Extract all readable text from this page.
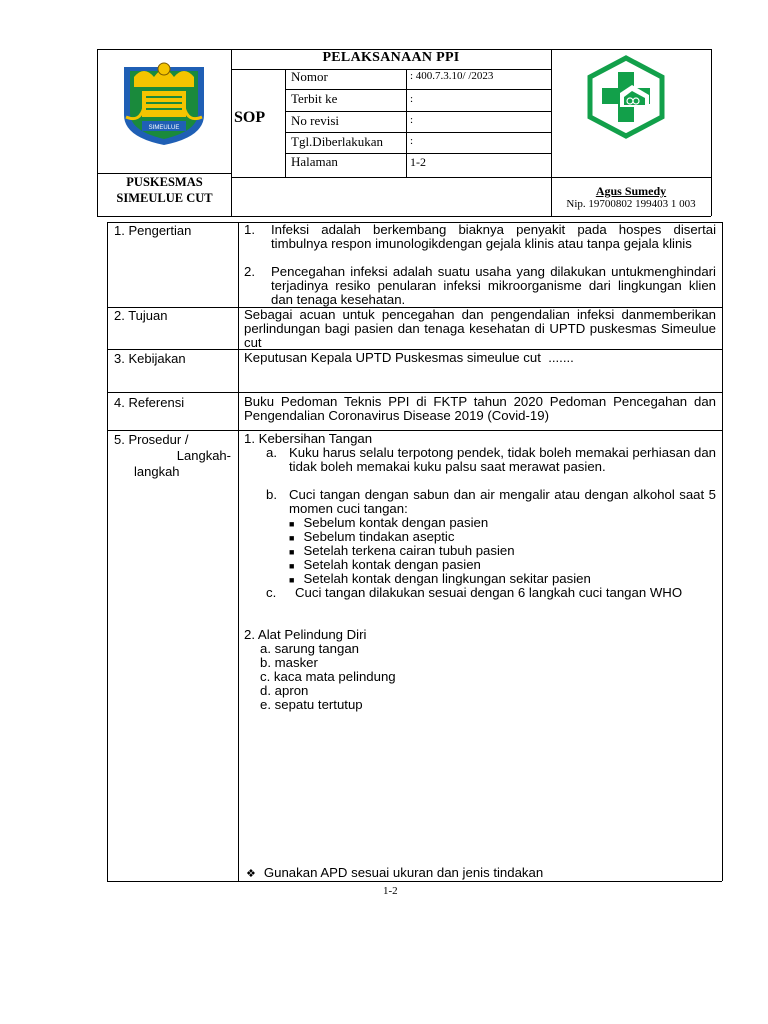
SIMEULUE
PELAKSANAAN PPI
SOP
Nomor	: 400.7.3.10/ /2023
Terbit ke	:
No revisi	:
Tgl.Diberlakukan :
Halaman	1-2
PUSKESMAS
SIMEULUE CUT	Agus Sumedy
Nip. 19700802 199403 1 003
1. Pengertian	1. Infeksi adalah berkembang biaknya penyakit pada hospes disertai timbulnya respon imunologikdengan gejala klinis atau tanpa gejala klinis
2. Pencegahan infeksi adalah suatu usaha yang dilakukan untukmenghindari terjadinya resiko penularan infeksi mikroorganisme dari lingkungan klien dan tenaga kesehatan.
2. Tujuan	Sebagai acuan untuk pencegahan dan pengendalian infeksi danmemberikan perlindungan bagi pasien dan tenaga kesehatan di UPTD puskesmas Simeulue cut
3. Kebijakan	Keputusan Kepala UPTD Puskesmas simeulue cut  .......
4. Referensi	Buku Pedoman Teknis PPI di FKTP tahun 2020 Pedoman Pencegahan dan Pengendalian Coronavirus Disease 2019 (Covid-19)
5. Prosedur /
Langkah-
langkah
1. Kebersihan Tangan
a. Kuku harus selalu terpotong pendek, tidak boleh memakai perhiasan dan tidak boleh memakai kuku palsu saat merawat pasien.
b. Cuci tangan dengan sabun dan air mengalir atau dengan alkohol saat 5 momen cuci tangan:
■ Sebelum kontak dengan pasien
■ Sebelum tindakan aseptic
■ Setelah terkena cairan tubuh pasien
■ Setelah kontak dengan pasien
■ Setelah kontak dengan lingkungan sekitar pasien
c.	Cuci tangan dilakukan sesuai dengan 6 langkah cuci tangan WHO
2. Alat Pelindung Diri
a. sarung tangan
b. masker
c. kaca mata pelindung
d. apron
e. sepatu tertutup
❖ Gunakan APD sesuai ukuran dan jenis tindakan
1-2
